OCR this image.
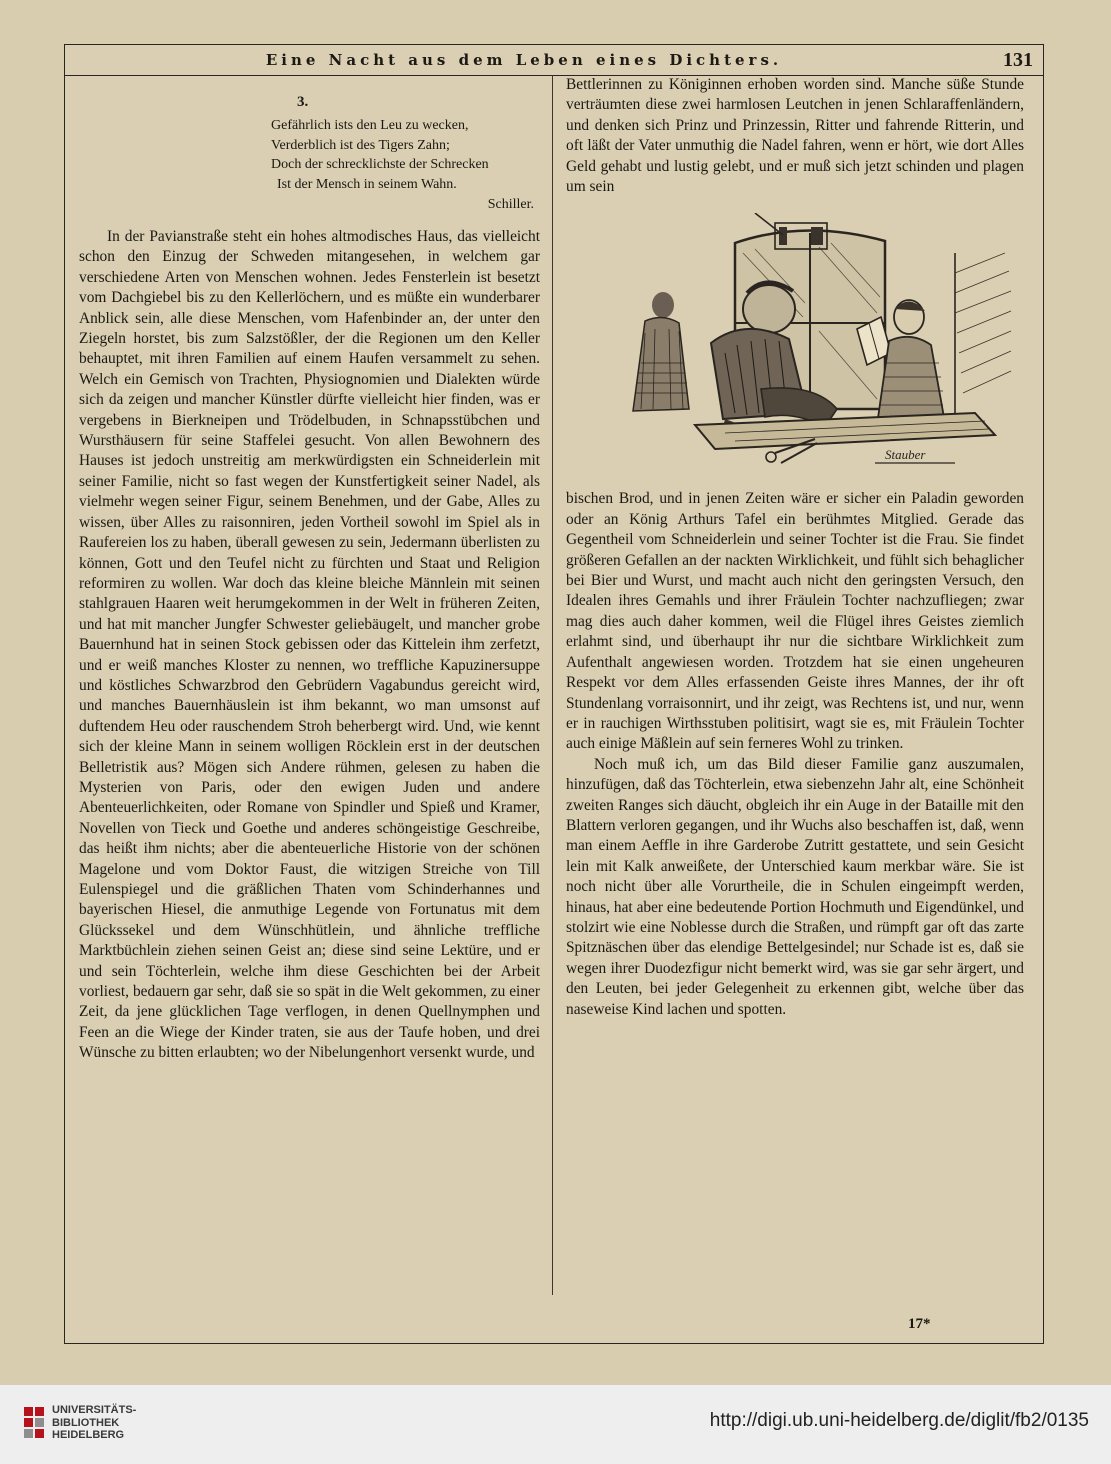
Eine Nacht aus dem Leben eines Dichters.	131
3.
Gefährlich ists den Leu zu wecken,
Verderblich ist des Tigers Zahn;
Doch der schrecklichste der Schrecken
Ist der Mensch in seinem Wahn.
Schiller.

In der Pavianstraße steht ein hohes altmodisches Haus, das vielleicht schon den Einzug der Schweden mitangesehen, in welchem gar verschiedene Arten von Menschen wohnen. Jedes Fensterlein ist besetzt vom Dachgiebel bis zu den Kellerlöchern, und es müßte ein wunderbarer Anblick sein, alle diese Menschen, vom Hafenbinder an, der unter den Ziegeln horstet, bis zum Salzstößler, der die Regionen um den Keller behauptet, mit ihren Familien auf einem Haufen versammelt zu sehen. Welch ein Gemisch von Trachten, Physiognomien und Dialekten würde sich da zeigen und mancher Künstler dürfte vielleicht hier finden, was er vergebens in Bierkneipen und Trödelbuden, in Schnapsstübchen und Wursthäusern für seine Staffelei gesucht. Von allen Bewohnern des Hauses ist jedoch unstreitig am merkwürdigsten ein Schneiderlein mit seiner Familie, nicht so fast wegen der Kunstfertigkeit seiner Nadel, als vielmehr wegen seiner Figur, seinem Benehmen, und der Gabe, Alles zu wissen, über Alles zu raisonniren, jeden Vortheil sowohl im Spiel als in Raufereien los zu haben, überall gewesen zu sein, Jedermann überlisten zu können, Gott und den Teufel nicht zu fürchten und Staat und Religion reformiren zu wollen. War doch das kleine bleiche Männlein mit seinen stahlgrauen Haaren weit herumgekommen in der Welt in früheren Zeiten, und hat mit mancher Jungfer Schwester geliebäugelt, und mancher grobe Bauernhund hat in seinen Stock gebissen oder das Kittelein ihm zerfetzt, und er weiß manches Kloster zu nennen, wo treffliche Kapuzinersuppe und köstliches Schwarzbrod den Gebrüdern Vagabundus gereicht wird, und manches Bauernhäuslein ist ihm bekannt, wo man umsonst auf duftendem Heu oder rauschendem Stroh beherbergt wird. Und, wie kennt sich der kleine Mann in seinem wolligen Röcklein erst in der deutschen Belletristik aus? Mögen sich Andere rühmen, gelesen zu haben die Mysterien von Paris, oder den ewigen Juden und andere Abenteuerlichkeiten, oder Romane von Spindler und Spieß und Kramer, Novellen von Tieck und Goethe und anderes schöngeistige Geschreibe, das heißt ihm nichts; aber die abenteuerliche Historie von der schönen Magelone und vom Doktor Faust, die witzigen Streiche von Till Eulenspiegel und die gräßlichen Thaten vom Schinderhannes und bayerischen Hiesel, die anmuthige Legende von Fortunatus mit dem Glückssekel und dem Wünschhütlein, und ähnliche treffliche Marktbüchlein ziehen seinen Geist an; diese sind seine Lektüre, und er und sein Töchterlein, welche ihm diese Geschichten bei der Arbeit vorliest, bedauern gar sehr, daß sie so spät in die Welt gekommen, zu einer Zeit, da jene glücklichen Tage verflogen, in denen Quellnymphen und Feen an die Wiege der Kinder traten, sie aus der Taufe hoben, und drei Wünsche zu bitten erlaubten; wo der Nibelungenhort versenkt wurde, und

Bettlerinnen zu Königinnen erhoben worden sind. Manche süße Stunde verträumten diese zwei harmlosen Leutchen in jenen Schlaraffenländern, und denken sich Prinz und Prinzessin, Ritter und fahrende Ritterin, und oft läßt der Vater unmuthig die Nadel fahren, wenn er hört, wie dort Alles Geld gehabt und lustig gelebt, und er muß sich jetzt schinden und plagen um sein

Stauber

bischen Brod, und in jenen Zeiten wäre er sicher ein Paladin geworden oder an König Arthurs Tafel ein berühmtes Mitglied. Gerade das Gegentheil vom Schneiderlein und seiner Tochter ist die Frau. Sie findet größeren Gefallen an der nackten Wirklichkeit, und fühlt sich behaglicher bei Bier und Wurst, und macht auch nicht den geringsten Versuch, den Idealen ihres Gemahls und ihrer Fräulein Tochter nachzufliegen; zwar mag dies auch daher kommen, weil die Flügel ihres Geistes ziemlich erlahmt sind, und überhaupt ihr nur die sichtbare Wirklichkeit zum Aufenthalt angewiesen worden. Trotzdem hat sie einen ungeheuren Respekt vor dem Alles erfassenden Geiste ihres Mannes, der ihr oft Stundenlang vorraisonnirt, und ihr zeigt, was Rechtens ist, und nur, wenn er in rauchigen Wirthsstuben politisirt, wagt sie es, mit Fräulein Tochter auch einige Mäßlein auf sein ferneres Wohl zu trinken.

Noch muß ich, um das Bild dieser Familie ganz auszumalen, hinzufügen, daß das Töchterlein, etwa siebenzehn Jahr alt, eine Schönheit zweiten Ranges sich däucht, obgleich ihr ein Auge in der Bataille mit den Blattern verloren gegangen, und ihr Wuchs also beschaffen ist, daß, wenn man einem Aeffle in ihre Garderobe Zutritt gestattete, und sein Gesicht lein mit Kalk anweißete, der Unterschied kaum merkbar wäre. Sie ist noch nicht über alle Vorurtheile, die in Schulen eingeimpft werden, hinaus, hat aber eine bedeutende Portion Hochmuth und Eigendünkel, und stolzirt wie eine Noblesse durch die Straßen, und rümpft gar oft das zarte Spitznäschen über das elendige Bettelgesindel; nur Schade ist es, daß sie wegen ihrer Duodezfigur nicht bemerkt wird, was sie gar sehr ärgert, und den Leuten, bei jeder Gelegenheit zu erkennen gibt, welche über das naseweise Kind lachen und spotten.

17*
UNIVERSITÄTS-
BIBLIOTHEK
HEIDELBERG
http://digi.ub.uni-heidelberg.de/diglit/fb2/0135
